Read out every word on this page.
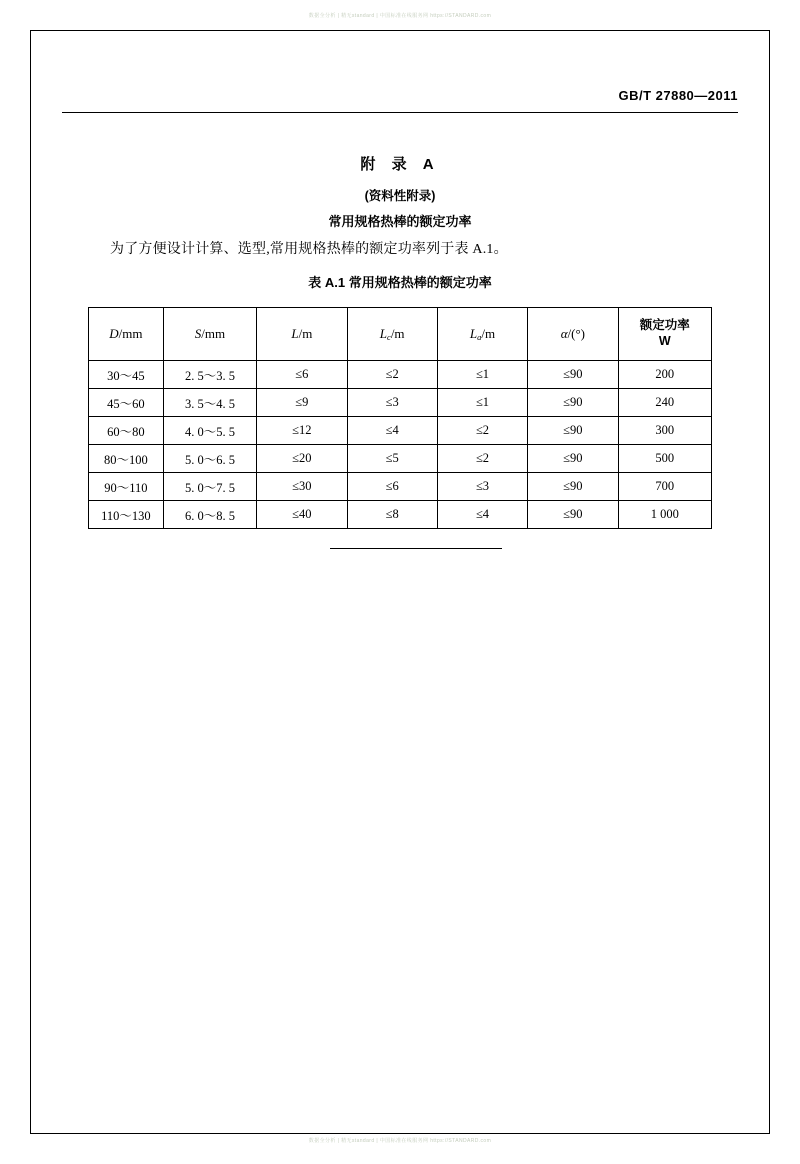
数据全分析 | 精无standard | 中国标准在线服务网 https://STANDARD.com
GB/T 27880—2011
附 录 A
(资料性附录)
常用规格热棒的额定功率
为了方便设计计算、选型,常用规格热棒的额定功率列于表 A.1。
表 A.1 常用规格热棒的额定功率
D/mm	S/mm	L/m	$L_c/m$	$L_a/m$	α/(°)	额定功率
W

30～45	2. 5～3. 5	≤6	≤2	≤1	≤90	200
45～60	3. 5～4. 5	≤9	≤3	≤1	≤90	240
60～80	4. 0～5. 5	≤12	≤4	≤2	≤90	300
80～100	5. 0～6. 5	≤20	≤5	≤2	≤90	500
90～110	5. 0～7. 5	≤30	≤6	≤3	≤90	700
110～130	6. 0～8. 5	≤40	≤8	≤4	≤90	1 000
数据全分析 | 精无standard | 中国标准在线服务网 https://STANDARD.com
